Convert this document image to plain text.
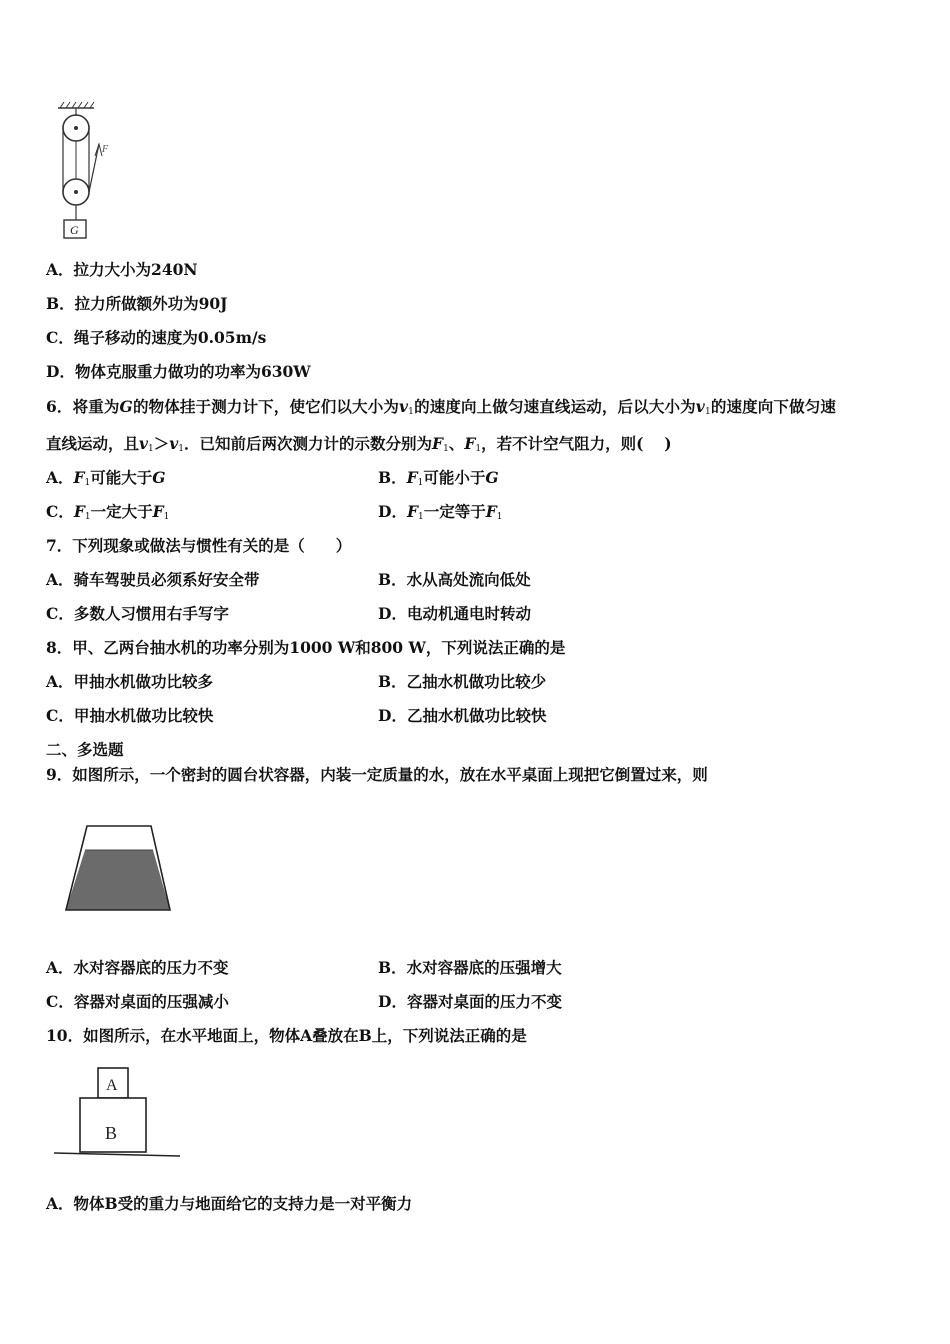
F
G
A．拉力大小为240N
B．拉力所做额外功为90J
C．绳子移动的速度为0.05m/s
D．物体克服重力做功的功率为630W
6．将重为G的物体挂于测力计下，使它们以大小为$v_1$的速度向上做匀速直线运动，后以大小为$v_1$的速度向下做匀速
直线运动，且$v_1>v_1$．已知前后两次测力计的示数分别为$F_1$、$F_1$，若不计空气阻力，则(　 )
A．$F_1$可能大于G	B．$F_1$可能小于G
C．$F_1$一定大于$F_1$	D．$F_1$一定等于$F_1$
7．下列现象或做法与惯性有关的是（　　）
A．骑车驾驶员必须系好安全带	B．水从高处流向低处
C．多数人习惯用右手写字	D．电动机通电时转动
8．甲、乙两台抽水机的功率分别为1000 W和800 W，下列说法正确的是
A．甲抽水机做功比较多	B．乙抽水机做功比较少
C．甲抽水机做功比较快	D．乙抽水机做功比较快
二、多选题
9．如图所示，一个密封的圆台状容器，内装一定质量的水，放在水平桌面上现把它倒置过来，则
A．水对容器底的压力不变	B．水对容器底的压强增大
C．容器对桌面的压强减小	D．容器对桌面的压力不变
10．如图所示，在水平地面上，物体A叠放在B上，下列说法正确的是
A
B
A．物体B受的重力与地面给它的支持力是一对平衡力
